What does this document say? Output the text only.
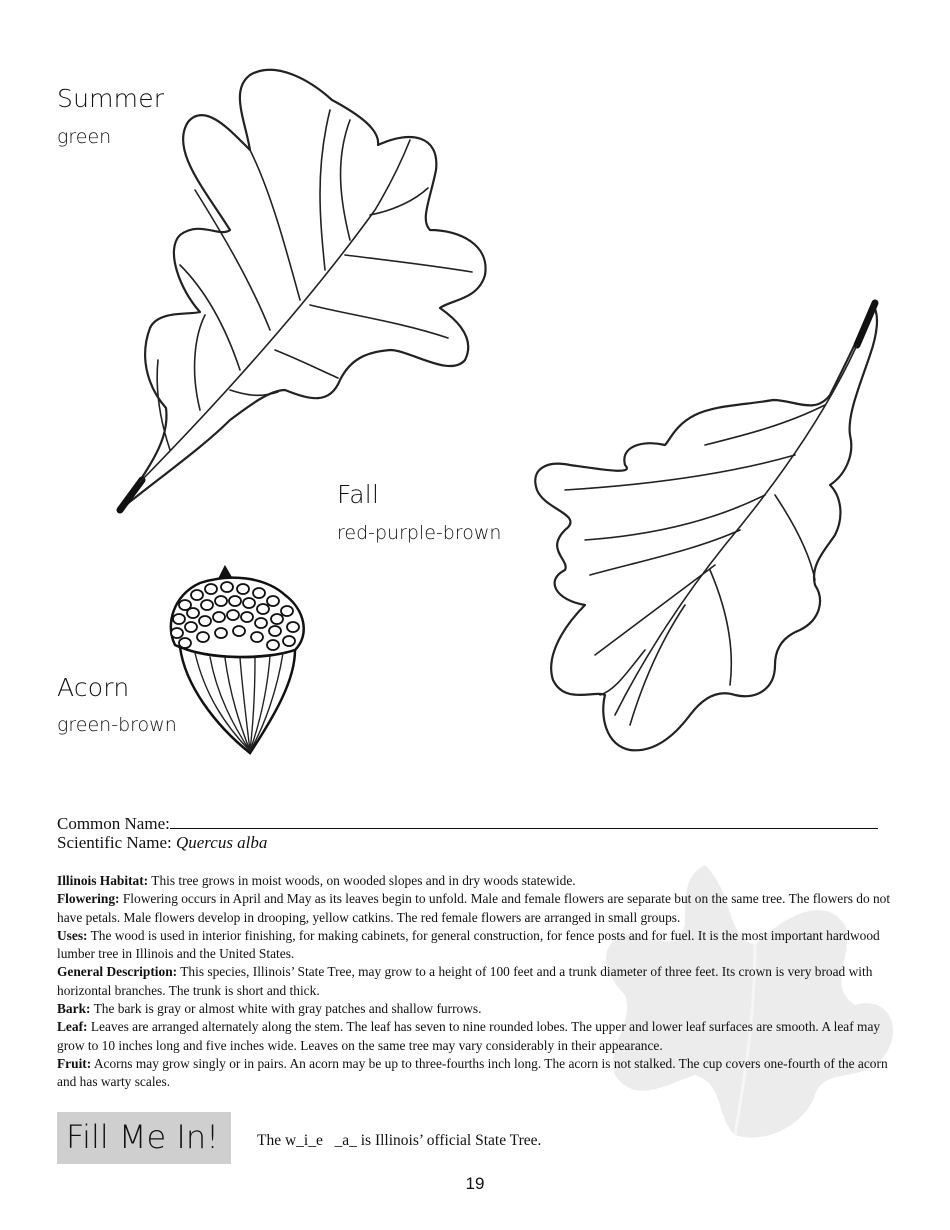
Summer
green
Fall
red-purple-brown
Acorn
green-brown
Common Name:
Scientific Name: Quercus alba

Illinois Habitat: This tree grows in moist woods, on wooded slopes and in dry woods statewide.

Flowering: Flowering occurs in April and May as its leaves begin to unfold. Male and female flowers are separate but on the same tree. The flowers do not have petals. Male flowers develop in drooping, yellow catkins. The red female flowers are arranged in small groups.

Uses: The wood is used in interior finishing, for making cabinets, for general construction, for fence posts and for fuel. It is the most important hardwood lumber tree in Illinois and the United States.

General Description: This species, Illinois’ State Tree, may grow to a height of 100 feet and a trunk diameter of three feet. Its crown is very broad with horizontal branches. The trunk is short and thick.

Bark: The bark is gray or almost white with gray patches and shallow furrows.

Leaf: Leaves are arranged alternately along the stem. The leaf has seven to nine rounded lobes. The upper and lower leaf surfaces are smooth. A leaf may grow to 10 inches long and five inches wide. Leaves on the same tree may vary considerably in their appearance.

Fruit: Acorns may grow singly or in pairs. An acorn may be up to three-fourths inch long. The acorn is not stalked. The cup covers one-fourth of the acorn and has warty scales.

Fill Me In! The w_i_e   _a_ is Illinois’ official State Tree.
19
